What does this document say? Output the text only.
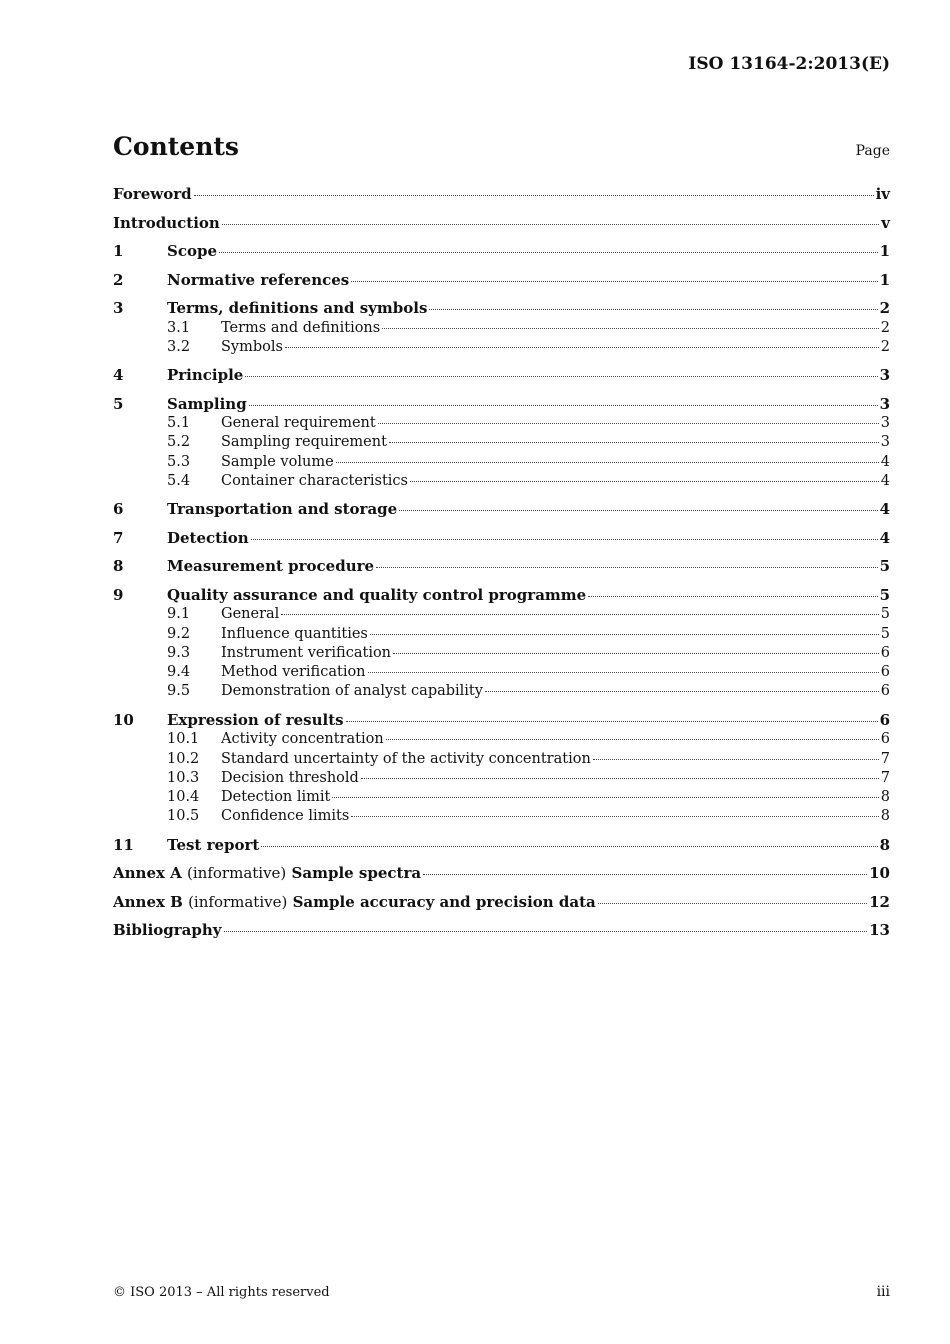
ISO 13164-2:2013(E)
Contents	Page
Foreword	iv
Introduction	v
1	Scope	1
2	Normative references	1
3	Terms, definitions and symbols	2
3.1	Terms and definitions	2
3.2	Symbols	2
4	Principle	3
5	Sampling	3
5.1	General requirement	3
5.2	Sampling requirement	3
5.3	Sample volume	4
5.4	Container characteristics	4
6	Transportation and storage	4
7	Detection	4
8	Measurement procedure	5
9	Quality assurance and quality control programme	5
9.1	General	5
9.2	Influence quantities	5
9.3	Instrument verification	6
9.4	Method verification	6
9.5	Demonstration of analyst capability	6
10	Expression of results	6
10.1	Activity concentration	6
10.2	Standard uncertainty of the activity concentration	7
10.3	Decision threshold	7
10.4	Detection limit	8
10.5	Confidence limits	8
11	Test report	8
Annex A (informative) Sample spectra	10
Annex B (informative) Sample accuracy and precision data	12
Bibliography	13
© ISO 2013 – All rights reserved	iii
